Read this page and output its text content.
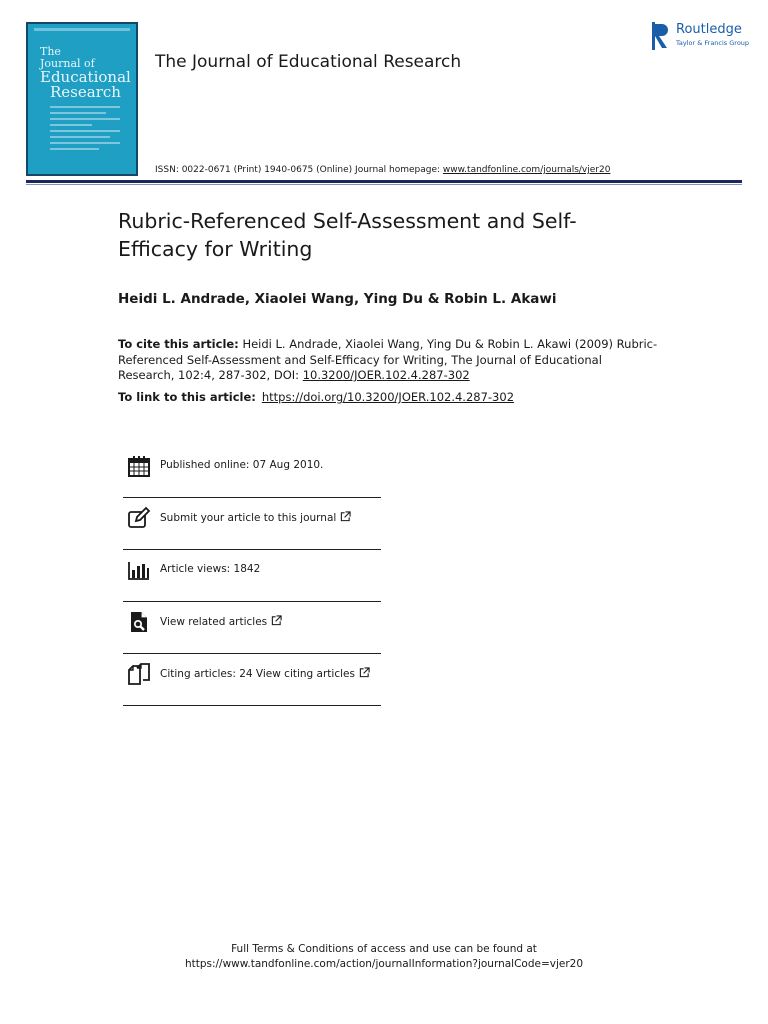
The
Journal of
Educational
Research
The Journal of Educational Research
Routledge
Taylor & Francis Group
ISSN: 0022-0671 (Print) 1940-0675 (Online) Journal homepage: www.tandfonline.com/journals/vjer20
Rubric-Referenced Self-Assessment and Self-Efficacy for Writing
Heidi L. Andrade, Xiaolei Wang, Ying Du & Robin L. Akawi
To cite this article: Heidi L. Andrade, Xiaolei Wang, Ying Du & Robin L. Akawi (2009) Rubric-Referenced Self-Assessment and Self-Efficacy for Writing, The Journal of Educational Research, 102:4, 287-302, DOI: 10.3200/JOER.102.4.287-302
To link to this article: https://doi.org/10.3200/JOER.102.4.287-302
Published online: 07 Aug 2010.
Submit your article to this journal
Article views: 1842
View related articles
Citing articles: 24 View citing articles
Full Terms & Conditions of access and use can be found at
https://www.tandfonline.com/action/journalInformation?journalCode=vjer20
